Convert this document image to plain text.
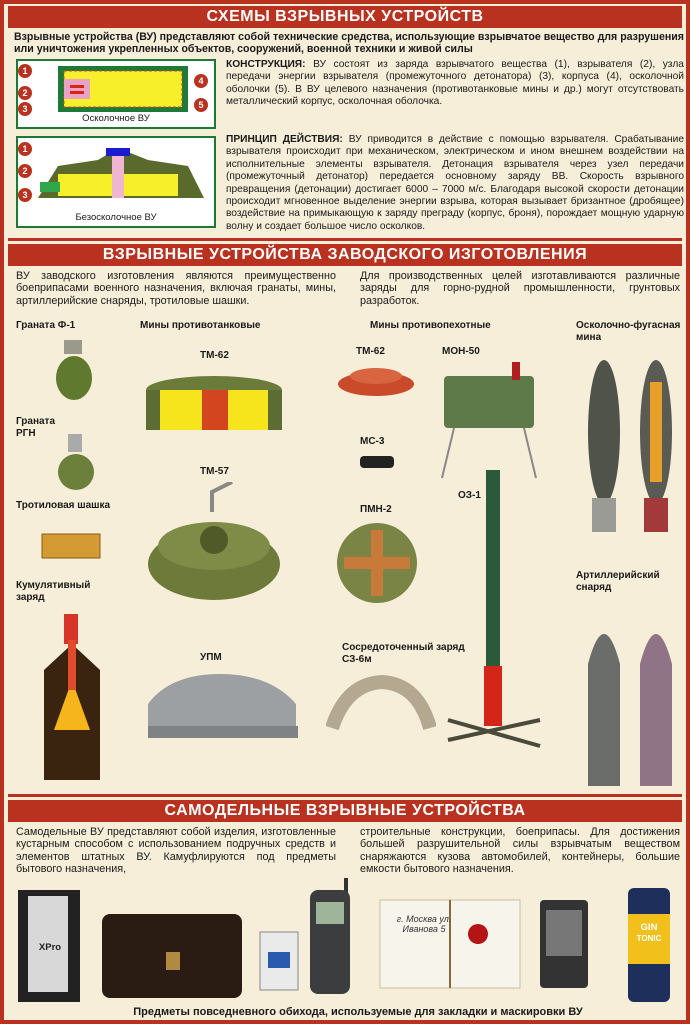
СХЕМЫ ВЗРЫВНЫХ УСТРОЙСТВ
Взрывные устройства (ВУ) представляют собой технические средства, использующие взрывчатое вещество для разрушения или уничтожения укрепленных объектов, сооружений, военной техники и живой силы
Осколочное ВУ
1
2
3
4
5
Безосколочное ВУ
1
2
3
КОНСТРУКЦИЯ: ВУ состоят из заряда взрывчатого вещества (1), взрывателя (2), узла передачи энергии взрывателя (промежуточного детонатора) (3), корпуса (4), осколочной оболочки (5). В ВУ целевого назначения (противотанковые мины и др.) могут отсутствовать металлический корпус, осколочная оболочка.
ПРИНЦИП ДЕЙСТВИЯ: ВУ приводится в действие с помощью взрывателя. Срабатывание взрывателя происходит при механическом, электрическом и ином внешнем воздействии на исполнительные элементы взрывателя. Детонация взрывателя через узел передачи (промежуточный детонатор) передается основному заряду ВВ. Скорость взрывного превращения (детонации) достигает 6000 – 7000 м/с. Благодаря высокой скорости детонации происходит мгновенное выделение энергии взрыва, которая вызывает бризантное (дробящее) воздействие на примыкающую к заряду преграду (корпус, броня), порождает мощную ударную волну и создает большое число осколков.
ВЗРЫВНЫЕ УСТРОЙСТВА ЗАВОДСКОГО ИЗГОТОВЛЕНИЯ
ВУ заводского изготовления являются преимущественно боеприпасами военного назначения, включая гранаты, мины, артиллерийские снаряды, тротиловые шашки.
Для производственных целей изготавливаются различные заряды для горно-рудной промышленности, грунтовых разработок.
Граната Ф-1
Граната РГН
Тротиловая шашка
Кумулятивный заряд
Мины противотанковые
ТМ-62
ТМ-57
УПМ
Мины противопехотные
ТМ-62	МОН-50
МС-3
ОЗ-1
ПМН-2
Сосредоточенный заряд СЗ-6м
Осколочно-фугасная мина
Артиллерийский снаряд
САМОДЕЛЬНЫЕ ВЗРЫВНЫЕ УСТРОЙСТВА
Самодельные ВУ представляют собой изделия, изготовленные кустарным способом с использованием подручных средств и элементов штатных ВУ. Камуфлируются под предметы бытового назначения,
строительные конструкции, боеприпасы. Для достижения большей разрушительной силы взрывчатым веществом снаряжаются кузова автомобилей, контейнеры, большие емкости бытового назначения.
XPro
г. Москва ул. Иванова 5	GIN
TONIC
Предметы повседневного обихода, используемые для закладки и маскировки ВУ
